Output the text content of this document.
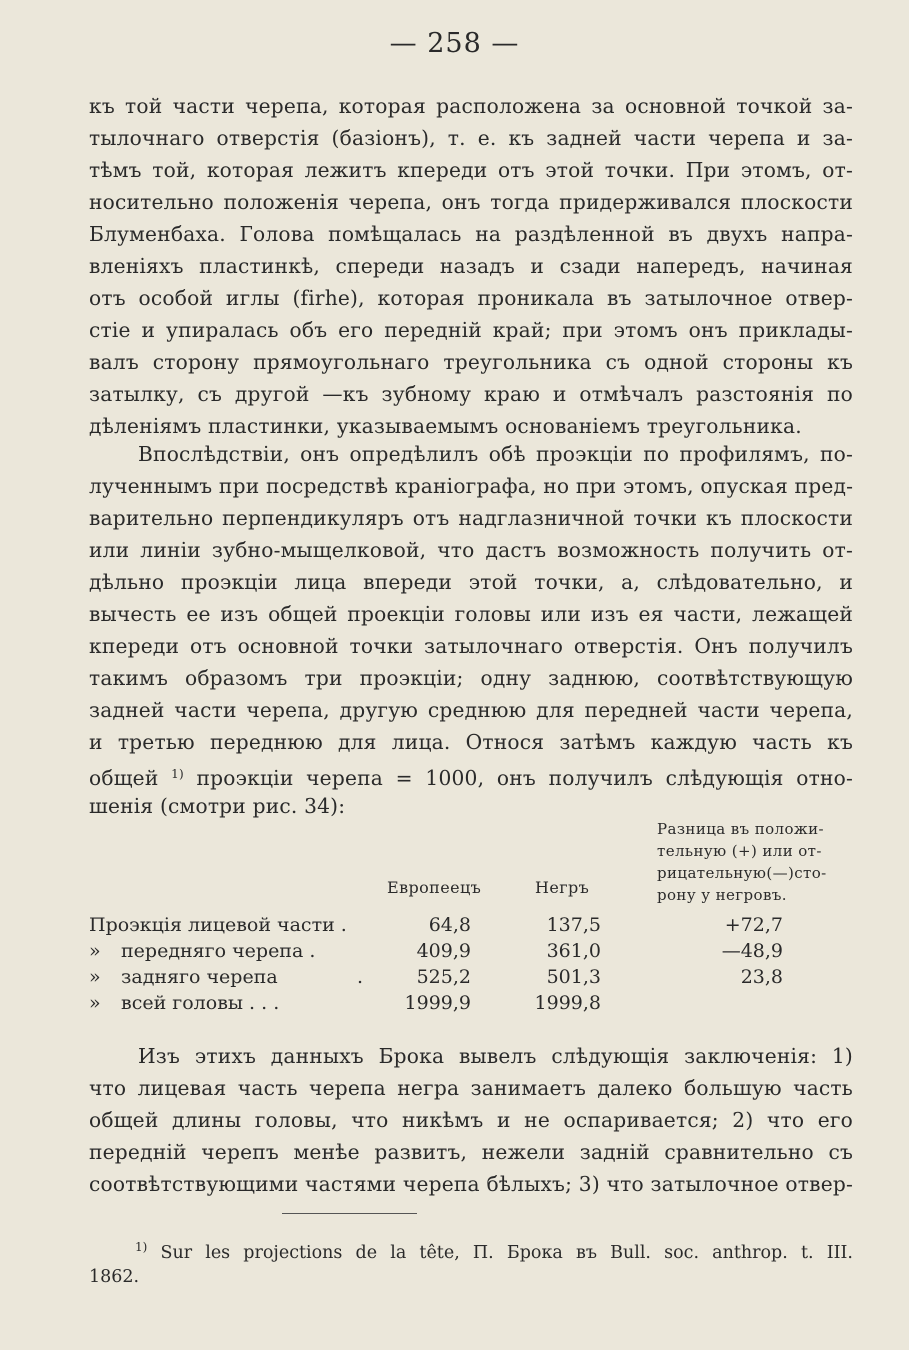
— 258 —
къ той части черепа, которая расположена за основной точкой за-
тылочнаго отверстія (базіонъ), т. е. къ задней части черепа и за-
тѣмъ той, которая лежитъ кпереди отъ этой точки. При этомъ, от-
носительно положенія черепа, онъ тогда придерживался плоскости
Блуменбаха. Голова помѣщалась на раздѣленной въ двухъ напра-
вленіяхъ пластинкѣ, спереди назадъ и сзади напередъ, начиная
отъ особой иглы (firhe), которая проникала въ затылочное отвер-
стіе и упиралась объ его передній край; при этомъ онъ приклады-
валъ сторону прямоугольнаго треугольника съ одной стороны къ
затылку, съ другой —къ зубному краю и отмѣчалъ разстоянія по
дѣленіямъ пластинки, указываемымъ основаніемъ треугольника.
Впослѣдствіи, онъ опредѣлилъ обѣ проэкціи по профилямъ, по-
лученнымъ при посредствѣ краніографа, но при этомъ, опуская пред-
варительно перпендикуляръ отъ надглазничной точки къ плоскости
или линіи зубно-мыщелковой, что дастъ возможность получить от-
дѣльно проэкціи лица впереди этой точки, а, слѣдовательно, и
вычесть ее изъ общей проекціи головы или изъ ея части, лежащей
кпереди отъ основной точки затылочнаго отверстія. Онъ получилъ
такимъ образомъ три проэкціи; одну заднюю, соотвѣтствующую
задней части черепа, другую среднюю для передней части черепа,
и третью переднюю для лица. Относя затѣмъ каждую часть къ
общей $^{1)}$ проэкціи черепа = 1000, онъ получилъ слѣдующія отно-
шенія (смотри рис. 34):
Европеецъ	Негръ
Разница въ положи-
тельную (+) или от-
рицательную(—)сто-
рону у негровъ.
Проэкція лицевой части .	64,8	137,5	+72,7
» передняго черепа .	409,9	361,0	—48,9
» задняго черепа	.	525,2	501,3	23,8
» всей головы . . .	1999,9	1999,8
Изъ этихъ данныхъ Брока вывелъ слѣдующія заключенія: 1)
что лицевая часть черепа негра занимаетъ далеко большую часть
общей длины головы, что никѣмъ и не оспаривается; 2) что его
передній черепъ менѣе развитъ, нежели задній сравнительно съ
соотвѣтствующими частями черепа бѣлыхъ; 3) что затылочное отвер-
$^{1)}$ Sur les projections de la tête, П. Брока въ Bull. soc. anthrop. t. III.
1862.
